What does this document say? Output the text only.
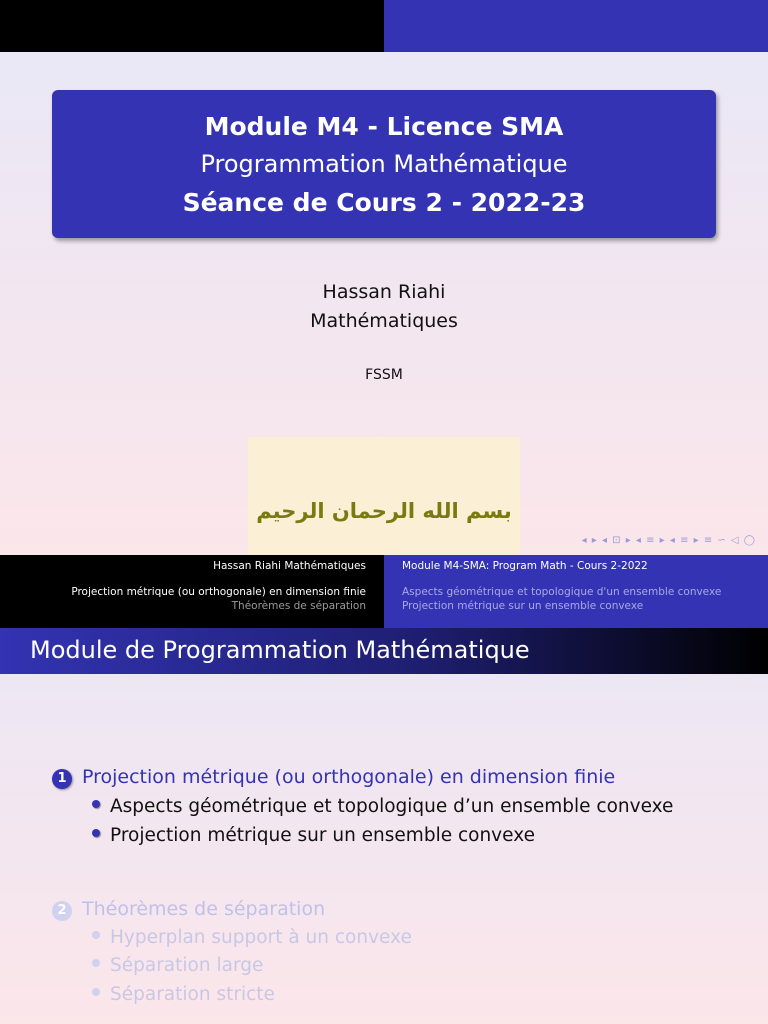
Module M4 - Licence SMA
Programmation Mathématique
Séance de Cours 2 - 2022-23
Hassan Riahi
Mathématiques
FSSM
بسم الله الرحمان الرحيم
◂ ▸ ◂ ⊡ ▸ ◂ ≡ ▸ ◂ ≡ ▸ ≡ ∽ ◁ ◯
Hassan Riahi Mathématiques
Projection métrique (ou orthogonale) en dimension finie
Théorèmes de séparation
Module M4-SMA: Program Math - Cours 2-2022
Aspects géométrique et topologique d'un ensemble convexe
Projection métrique sur un ensemble convexe
Module de Programmation Mathématique
1 Projection métrique (ou orthogonale) en dimension finie
Aspects géométrique et topologique d’un ensemble convexe
Projection métrique sur un ensemble convexe
2 Théorèmes de séparation
Hyperplan support à un convexe
Séparation large
Séparation stricte
